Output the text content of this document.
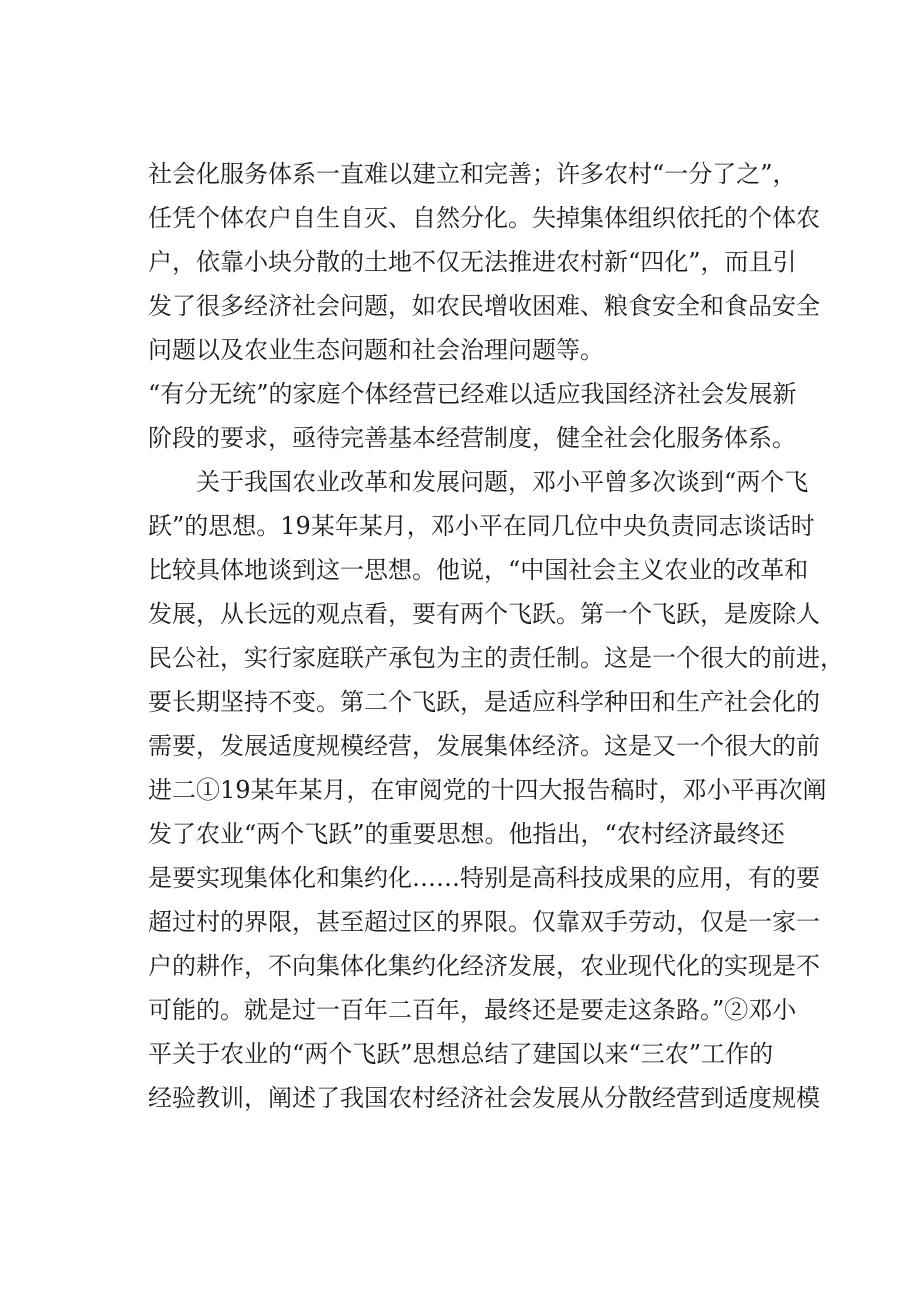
社会化服务体系一直难以建立和完善；许多农村“一分了之”，
任凭个体农户自生自灭、自然分化。失掉集体组织依托的个体农
户，依靠小块分散的土地不仅无法推进农村新“四化”，而且引
发了很多经济社会问题，如农民增收困难、粮食安全和食品安全
问题以及农业生态问题和社会治理问题等。
“有分无统”的家庭个体经营已经难以适应我国经济社会发展新
阶段的要求，亟待完善基本经营制度，健全社会化服务体系。
关于我国农业改革和发展问题，邓小平曾多次谈到“两个飞
跃”的思想。19某年某月，邓小平在同几位中央负责同志谈话时
比较具体地谈到这一思想。他说，“中国社会主义农业的改革和
发展，从长远的观点看，要有两个飞跃。第一个飞跃，是废除人
民公社，实行家庭联产承包为主的责任制。这是一个很大的前进，
要长期坚持不变。第二个飞跃，是适应科学种田和生产社会化的
需要，发展适度规模经营，发展集体经济。这是又一个很大的前
进二①19某年某月，在审阅党的十四大报告稿时，邓小平再次阐
发了农业“两个飞跃”的重要思想。他指出，“农村经济最终还
是要实现集体化和集约化……特别是高科技成果的应用，有的要
超过村的界限，甚至超过区的界限。仅靠双手劳动，仅是一家一
户的耕作，不向集体化集约化经济发展，农业现代化的实现是不
可能的。就是过一百年二百年，最终还是要走这条路。”②邓小
平关于农业的“两个飞跃”思想总结了建国以来“三农”工作的
经验教训，阐述了我国农村经济社会发展从分散经营到适度规模
